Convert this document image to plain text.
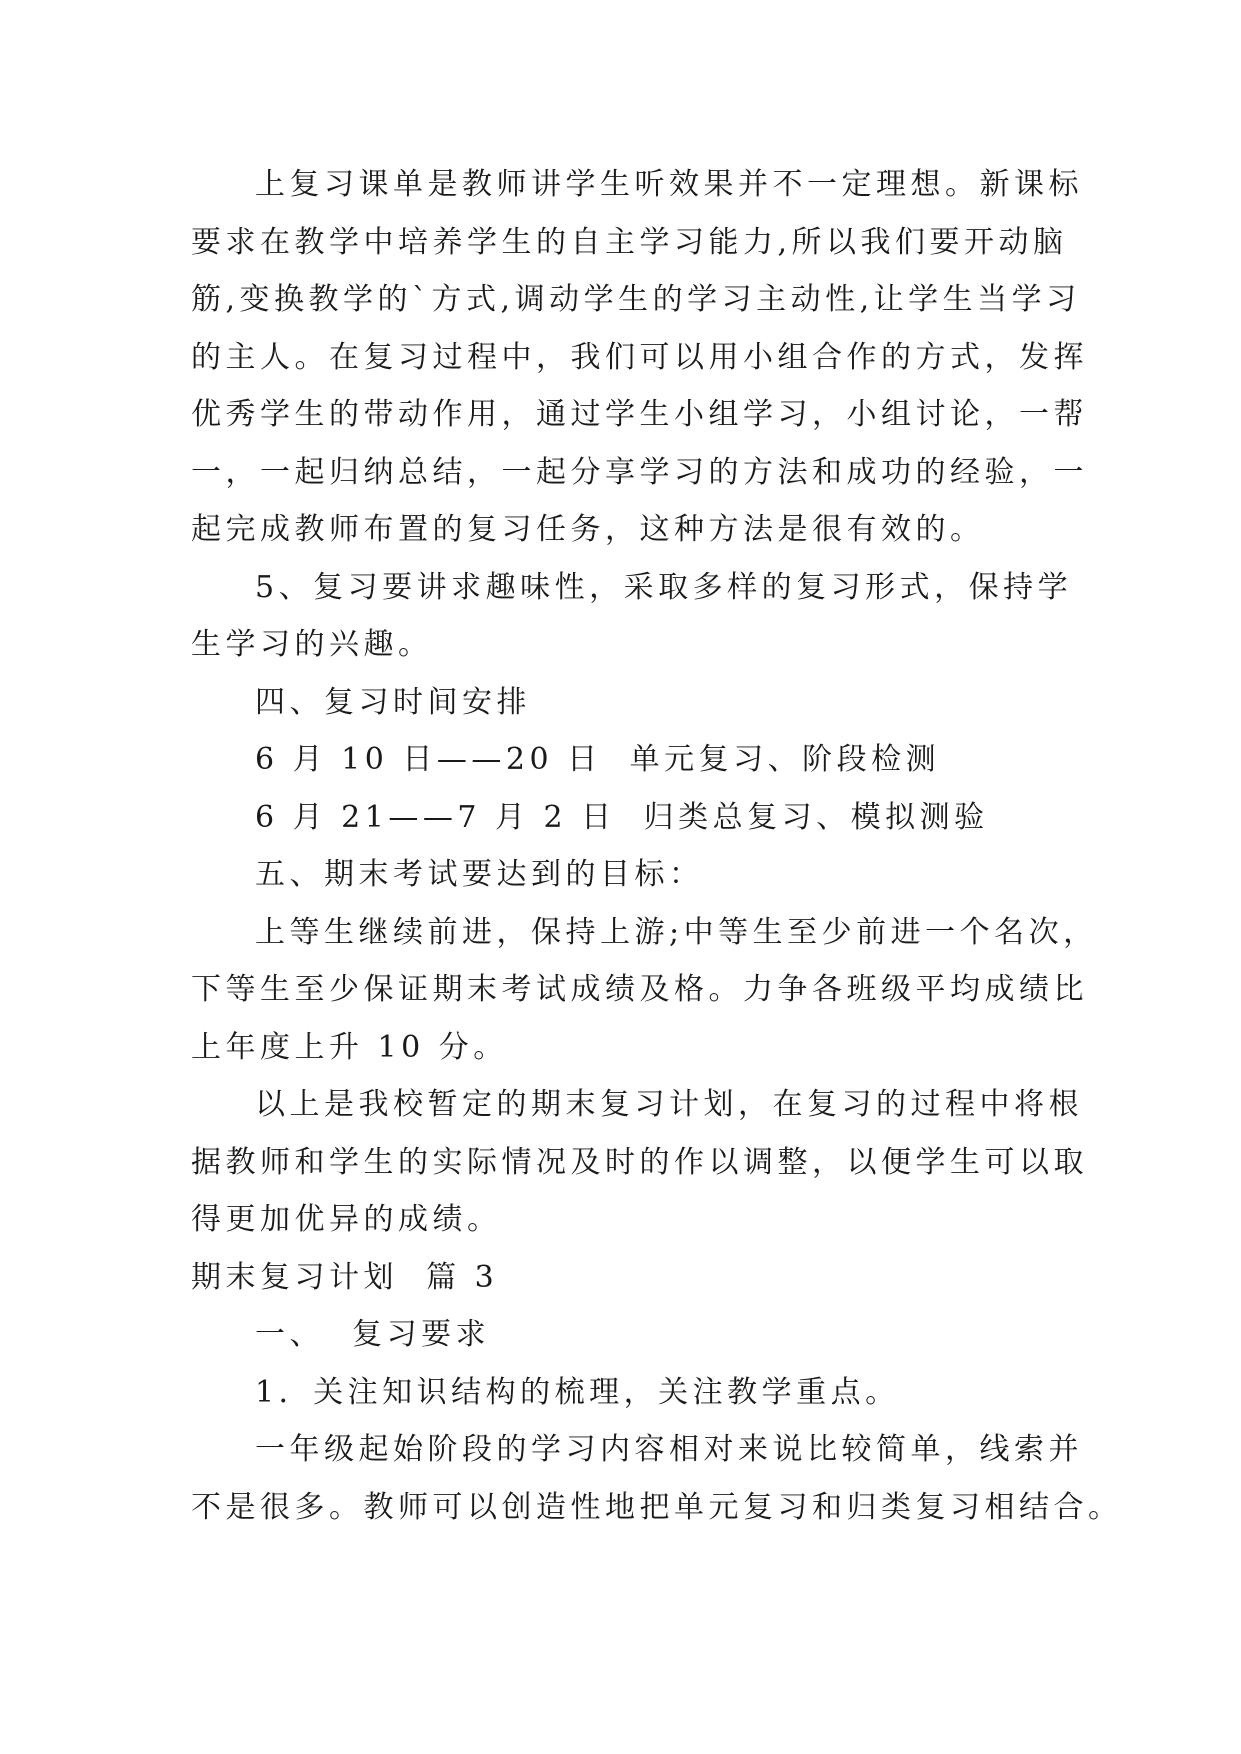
上复习课单是教师讲学生听效果并不一定理想。新课标
要求在教学中培养学生的自主学习能力,所以我们要开动脑
筋,变换教学的`方式,调动学生的学习主动性,让学生当学习
的主人。在复习过程中，我们可以用小组合作的方式，发挥
优秀学生的带动作用，通过学生小组学习，小组讨论，一帮
一，一起归纳总结，一起分享学习的方法和成功的经验，一
起完成教师布置的复习任务，这种方法是很有效的。

5、复习要讲求趣味性，采取多样的复习形式，保持学
生学习的兴趣。

四、复习时间安排

6 月 10 日——20 日  单元复习、阶段检测

6 月 21——7 月 2 日  归类总复习、模拟测验

五、期末考试要达到的目标：

上等生继续前进，保持上游;中等生至少前进一个名次，
下等生至少保证期末考试成绩及格。力争各班级平均成绩比
上年度上升 10 分。

以上是我校暂定的期末复习计划，在复习的过程中将根
据教师和学生的实际情况及时的作以调整，以便学生可以取
得更加优异的成绩。

期末复习计划  篇 3

一、  复习要求

1．关注知识结构的梳理，关注教学重点。

一年级起始阶段的学习内容相对来说比较简单，线索并
不是很多。教师可以创造性地把单元复习和归类复习相结合。
